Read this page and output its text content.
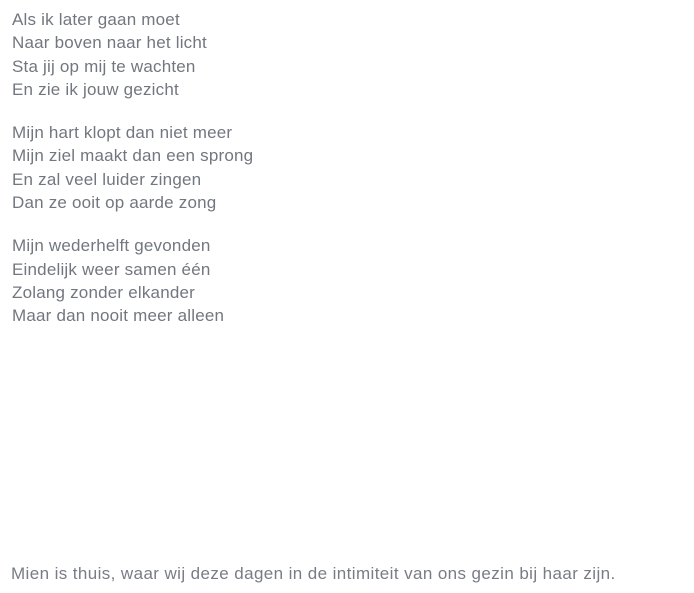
Als ik later gaan moet
Naar boven naar het licht
Sta jij op mij te wachten
En zie ik jouw gezicht
Mijn hart klopt dan niet meer
Mijn ziel maakt dan een sprong
En zal veel luider zingen
Dan ze ooit op aarde zong
Mijn wederhelft gevonden
Eindelijk weer samen één
Zolang zonder elkander
Maar dan nooit meer alleen
Mien is thuis, waar wij deze dagen in de intimiteit van ons gezin bij haar zijn.
